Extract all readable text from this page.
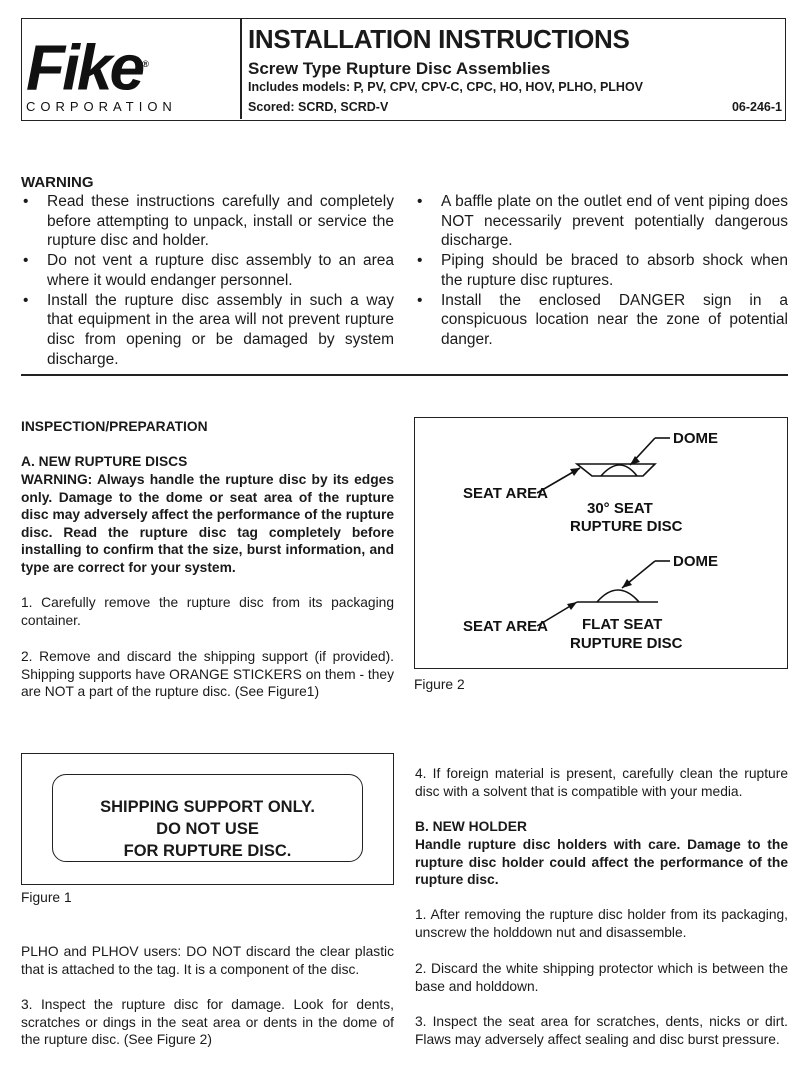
Fike®
CORPORATION
INSTALLATION INSTRUCTIONS
Screw Type Rupture Disc Assemblies
Includes models: P, PV, CPV, CPV-C, CPC, HO, HOV, PLHO, PLHOV
Scored: SCRD, SCRD-V	06-246-1
WARNING
• Read these instructions carefully and completely before attempting to unpack, install or service the rupture disc and holder.
• Do not vent a rupture disc assembly to an area where it would endanger personnel.
• Install the rupture disc assembly in such a way that equipment in the area will not prevent rupture disc from opening or be damaged by system discharge.
• A baffle plate on the outlet end of vent piping does NOT necessarily prevent potentially dangerous discharge.
• Piping should be braced to absorb shock when the rupture disc ruptures.
• Install the enclosed DANGER sign in a conspicuous location near the zone of potential danger.
INSPECTION/PREPARATION
A. NEW RUPTURE DISCS
WARNING: Always handle the rupture disc by its edges only. Damage to the dome or seat area of the rupture disc may adversely affect the performance of the rupture disc. Read the rupture disc tag completely before installing to confirm that the size, burst information, and type are correct for your system.
1. Carefully remove the rupture disc from its packaging container.
2. Remove and discard the shipping support (if provided). Shipping supports have ORANGE STICKERS on them - they are NOT a part of the rupture disc. (See Figure1)
SHIPPING SUPPORT ONLY.
DO NOT USE
FOR RUPTURE DISC.
Figure 1
PLHO and PLHOV users: DO NOT discard the clear plastic that is attached to the tag. It is a component of the disc.
3. Inspect the rupture disc for damage. Look for dents, scratches or dings in the seat area or dents in the dome of the rupture disc. (See Figure 2)
DOME
SEAT AREA
30° SEAT
RUPTURE DISC
DOME
SEAT AREA FLAT SEAT
RUPTURE DISC
Figure 2
4. If foreign material is present, carefully clean the rupture disc with a solvent that is compatible with your media.
B. NEW HOLDER
Handle rupture disc holders with care. Damage to the rupture disc holder could affect the performance of the rupture disc.
1. After removing the rupture disc holder from its packaging, unscrew the holddown nut and disassemble.
2. Discard the white shipping protector which is between the base and holddown.
3. Inspect the seat area for scratches, dents, nicks or dirt. Flaws may adversely affect sealing and disc burst pressure.
